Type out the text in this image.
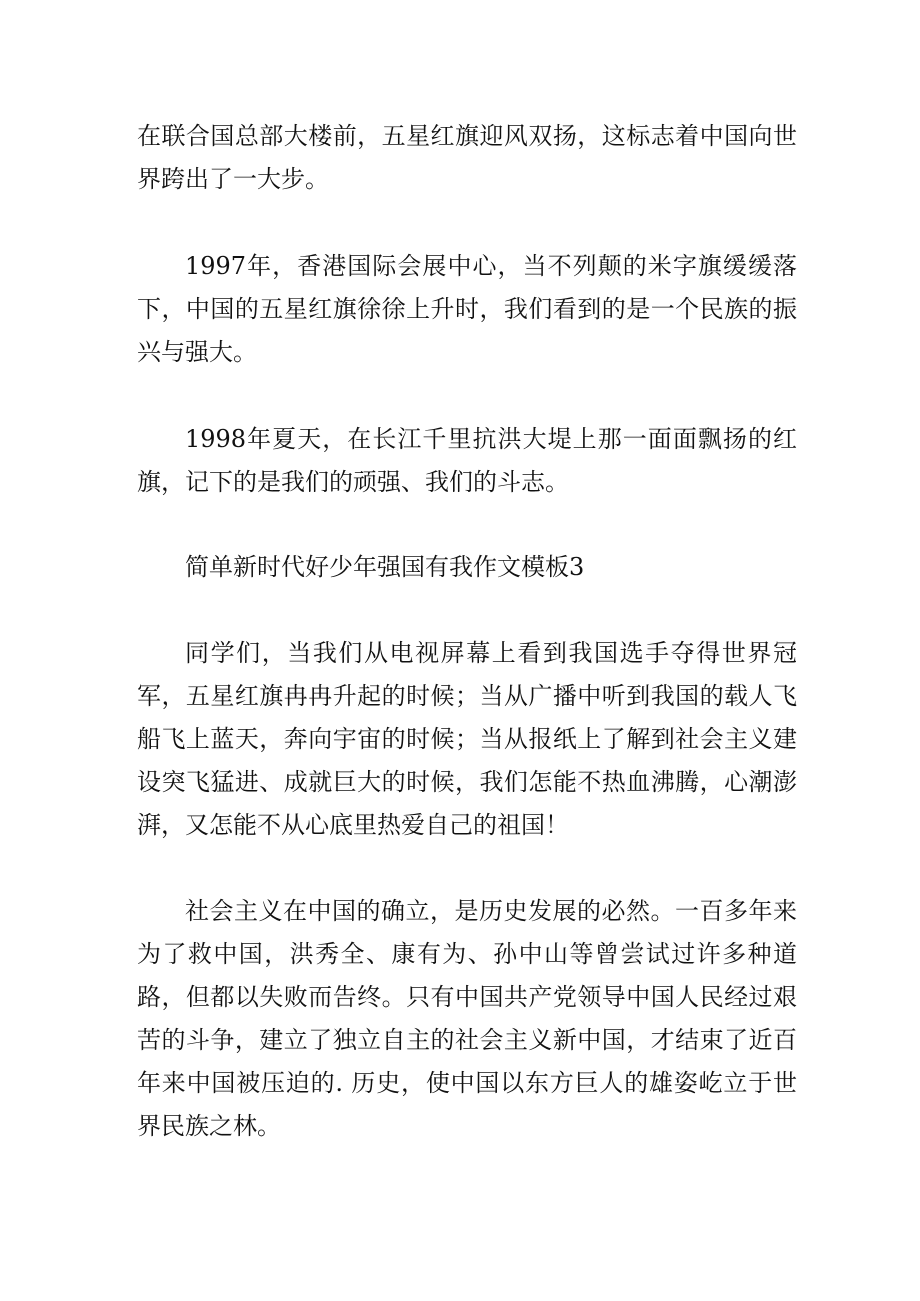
在联合国总部大楼前，五星红旗迎风双扬，这标志着中国向世界跨出了一大步。

1997年，香港国际会展中心，当不列颠的米字旗缓缓落下，中国的五星红旗徐徐上升时，我们看到的是一个民族的振兴与强大。

1998年夏天，在长江千里抗洪大堤上那一面面飘扬的红旗，记下的是我们的顽强、我们的斗志。

简单新时代好少年强国有我作文模板3

同学们，当我们从电视屏幕上看到我国选手夺得世界冠军，五星红旗冉冉升起的时候；当从广播中听到我国的载人飞船飞上蓝天，奔向宇宙的时候；当从报纸上了解到社会主义建设突飞猛进、成就巨大的时候，我们怎能不热血沸腾，心潮澎湃，又怎能不从心底里热爱自己的祖国！

社会主义在中国的确立，是历史发展的必然。一百多年来为了救中国，洪秀全、康有为、孙中山等曾尝试过许多种道路，但都以失败而告终。只有中国共产党领导中国人民经过艰苦的斗争，建立了独立自主的社会主义新中国，才结束了近百年来中国被压迫的. 历史，使中国以东方巨人的雄姿屹立于世界民族之林。
